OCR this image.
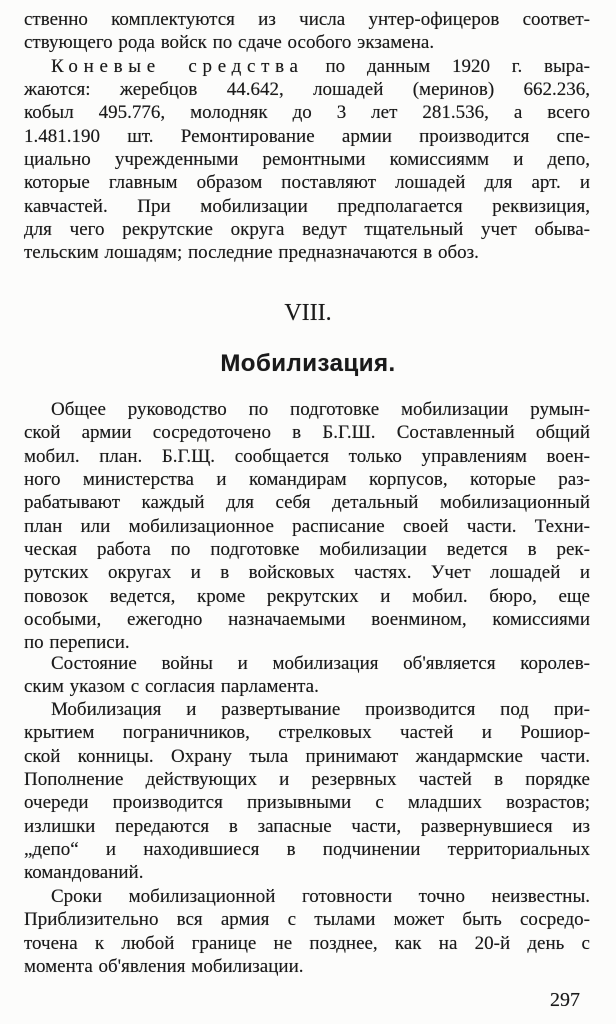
ственно комплектуются из числа унтер-офицеров соответ-
ствующего рода войск по сдаче особого экзамена.
Коневые средства по данным 1920 г. выра-
жаются: жеребцов 44.642, лошадей (меринов) 662.236,
кобыл 495.776, молодняк до 3 лет 281.536, а всего
1.481.190 шт. Ремонтирование армии производится спе-
циально учрежденными ремонтными комиссиямм и депо,
которые главным образом поставляют лошадей для арт. и
кавчастей. При мобилизации предполагается реквизиция,
для чего рекрутские округа ведут тщательный учет обыва-
тельским лошадям; последние предназначаются в обоз.
VIII.
Мобилизация.
Общее руководство по подготовке мобилизации румын-
ской армии сосредоточено в Б.Г.Ш. Составленный общий
мобил. план. Б.Г.Щ. сообщается только управлениям воен-
ного министерства и командирам корпусов, которые раз-
рабатывают каждый для себя детальный мобилизационный
план или мобилизационное расписание своей части. Техни-
ческая работа по подготовке мобилизации ведется в рек-
рутских округах и в войсковых частях. Учет лошадей и
повозок ведется, кроме рекрутских и мобил. бюро, еще
особыми, ежегодно назначаемыми военмином, комиссиями
по переписи.
Состояние войны и мобилизация об'является королев-
ским указом с согласия парламента.
Мобилизация и развертывание производится под при-
крытием пограничников, стрелковых частей и Рошиор-
ской конницы. Охрану тыла принимают жандармские части.
Пополнение действующих и резервных частей в порядке
очереди производится призывными с младших возрастов;
излишки передаются в запасные части, развернувшиеся из
„депо“ и находившиеся в подчинении территориальных
командований.
Сроки мобилизационной готовности точно неизвестны.
Приблизительно вся армия с тылами может быть сосредо-
точена к любой границе не позднее, как на 20-й день с
момента об'явления мобилизации.
297
